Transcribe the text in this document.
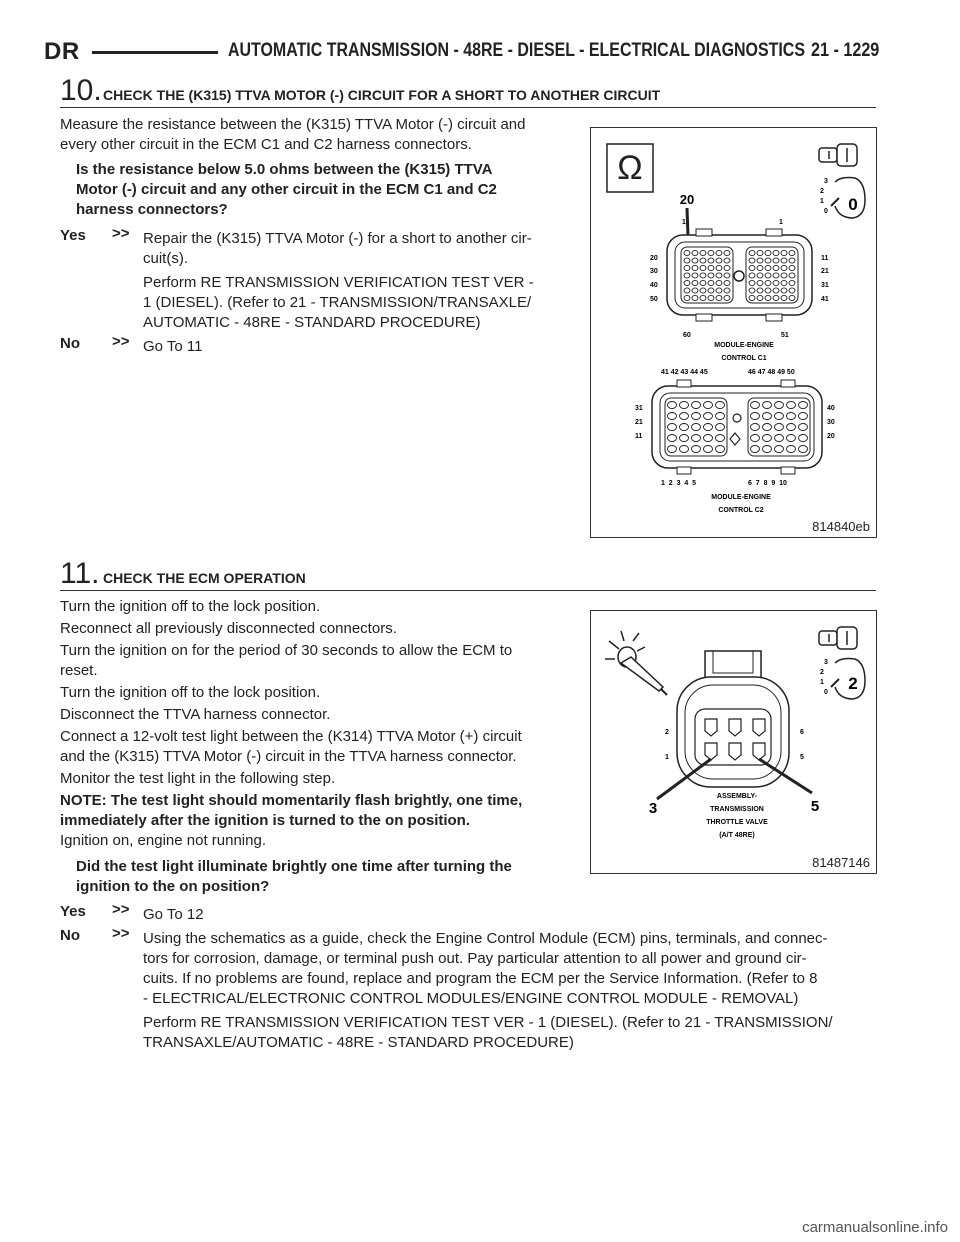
DR	AUTOMATIC TRANSMISSION - 48RE - DIESEL - ELECTRICAL DIAGNOSTICS 21 - 1229
10. CHECK THE (K315) TTVA MOTOR (-) CIRCUIT FOR A SHORT TO ANOTHER CIRCUIT
Measure the resistance between the (K315) TTVA Motor (-) circuit and
every other circuit in the ECM C1 and C2 harness connectors.
Is the resistance below 5.0 ohms between the (K315) TTVA
Motor (-) circuit and any other circuit in the ECM C1 and C2
harness connectors?
Yes >> Repair the (K315) TTVA Motor (-) for a short to another cir-
cuit(s).
Perform RE TRANSMISSION VERIFICATION TEST VER -
1 (DIESEL). (Refer to 21 - TRANSMISSION/TRANSAXLE/
AUTOMATIC - 48RE - STANDARD PROCEDURE)
No >> Go To 11
Ω	3
2
1
0 0
20
1	1
20
30
40
50
11
21
31
41
60	51
MODULE-ENGINE
CONTROL C1
41 42 43 44 45	46 47 48 49 50
31
21
11
40
30
20
1  2  3  4  5	6  7  8  9  10
MODULE-ENGINE
CONTROL C2
814840eb
11. CHECK THE ECM OPERATION
Turn the ignition off to the lock position.
Reconnect all previously disconnected connectors.
Turn the ignition on for the period of 30 seconds to allow the ECM to
reset.
Turn the ignition off to the lock position.
Disconnect the TTVA harness connector.
Connect a 12-volt test light between the (K314) TTVA Motor (+) circuit
and the (K315) TTVA Motor (-) circuit in the TTVA harness connector.
Monitor the test light in the following step.
NOTE: The test light should momentarily flash brightly, one time,
immediately after the ignition is turned to the on position.
Ignition on, engine not running.
Did the test light illuminate brightly one time after turning the
ignition to the on position?
Yes >> Go To 12
No >> Using the schematics as a guide, check the Engine Control Module (ECM) pins, terminals, and connec-
tors for corrosion, damage, or terminal push out. Pay particular attention to all power and ground cir-
cuits. If no problems are found, replace and program the ECM per the Service Information. (Refer to 8
- ELECTRICAL/ELECTRONIC CONTROL MODULES/ENGINE CONTROL MODULE - REMOVAL)
Perform RE TRANSMISSION VERIFICATION TEST VER - 1 (DIESEL). (Refer to 21 - TRANSMISSION/
TRANSAXLE/AUTOMATIC - 48RE - STANDARD PROCEDURE)
3
2
1
0 2
2
1
6
5
3	5
ASSEMBLY-
TRANSMISSION
THROTTLE VALVE
(A/T 48RE)
81487146
carmanualsonline.info
